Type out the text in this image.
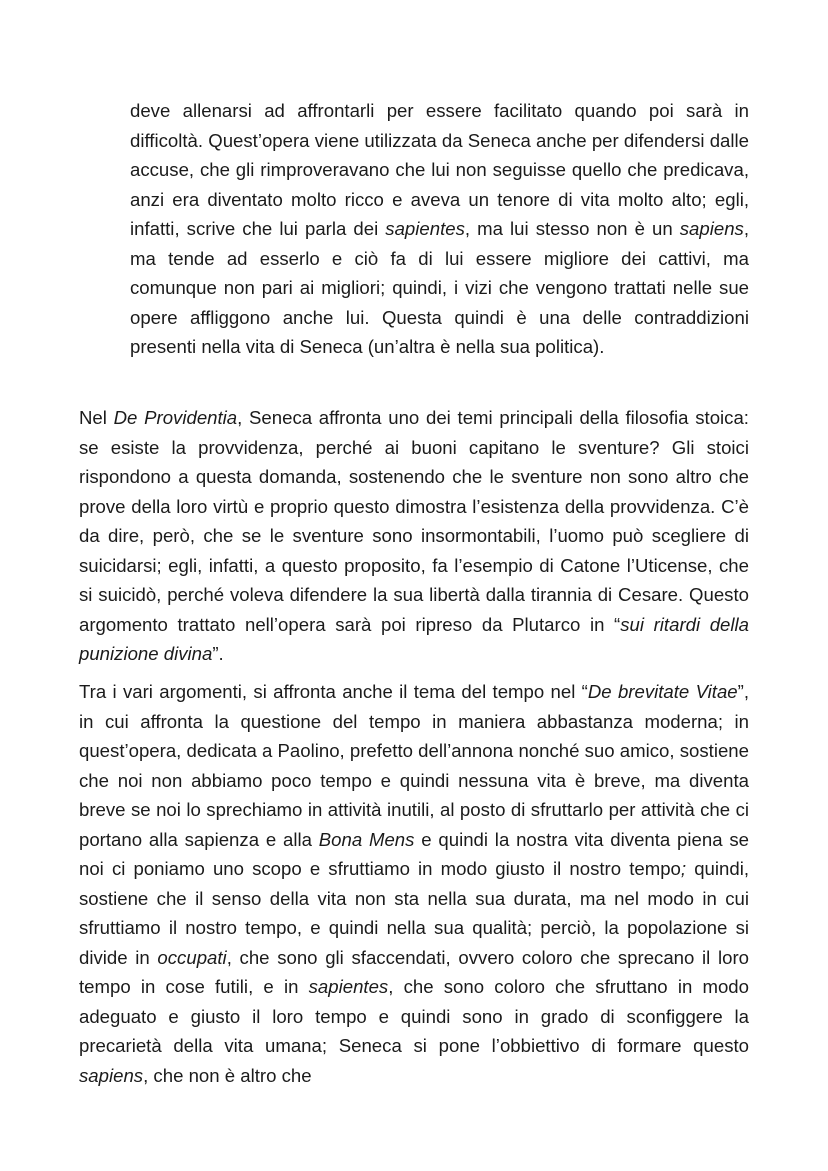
deve allenarsi ad affrontarli per essere facilitato quando poi sarà in difficoltà. Quest’opera viene utilizzata da Seneca anche per difendersi dalle accuse, che gli rimproveravano che lui non seguisse quello che predicava, anzi era diventato molto ricco e aveva un tenore di vita molto alto; egli, infatti, scrive che lui parla dei sapientes, ma lui stesso non è un sapiens, ma tende ad esserlo e ciò fa di lui essere migliore dei cattivi, ma comunque non pari ai migliori; quindi, i vizi che vengono trattati nelle sue opere affliggono anche lui. Questa quindi è una delle contraddizioni presenti nella vita di Seneca (un’altra è nella sua politica).

Nel De Providentia, Seneca affronta uno dei temi principali della filosofia stoica: se esiste la provvidenza, perché ai buoni capitano le sventure? Gli stoici rispondono a questa domanda, sostenendo che le sventure non sono altro che prove della loro virtù e proprio questo dimostra l’esistenza della provvidenza. C’è da dire, però, che se le sventure sono insormontabili, l’uomo può scegliere di suicidarsi; egli, infatti, a questo proposito, fa l’esempio di Catone l’Uticense, che si suicidò, perché voleva difendere la sua libertà dalla tirannia di Cesare. Questo argomento trattato nell’opera sarà poi ripreso da Plutarco in “sui ritardi della punizione divina”.

Tra i vari argomenti, si affronta anche il tema del tempo nel “De brevitate Vitae”, in cui affronta la questione del tempo in maniera abbastanza moderna; in quest’opera, dedicata a Paolino, prefetto dell’annona nonché suo amico, sostiene che noi non abbiamo poco tempo e quindi nessuna vita è breve, ma diventa breve se noi lo sprechiamo in attività inutili, al posto di sfruttarlo per attività che ci portano alla sapienza e alla Bona Mens e quindi la nostra vita diventa piena se noi ci poniamo uno scopo e sfruttiamo in modo giusto il nostro tempo; quindi, sostiene che il senso della vita non sta nella sua durata, ma nel modo in cui sfruttiamo il nostro tempo, e quindi nella sua qualità; perciò, la popolazione si divide in occupati, che sono gli sfaccendati, ovvero coloro che sprecano il loro tempo in cose futili, e in sapientes, che sono coloro che sfruttano in modo adeguato e giusto il loro tempo e quindi sono in grado di sconfiggere la precarietà della vita umana; Seneca si pone l’obbiettivo di formare questo sapiens, che non è altro che
